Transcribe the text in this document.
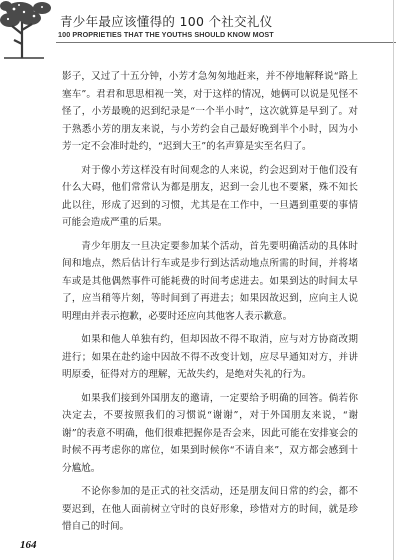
青少年最应该懂得的 100 个社交礼仪
100 PROPRIETIES THAT THE YOUTHS SHOULD KNOW MOST

影子，又过了十五分钟，小芳才急匆匆地赶来，并不停地解释说“路上塞车”。君君和思思相视一笑，对于这样的情况，她俩可以说是见怪不怪了，小芳最晚的迟到纪录是“一个半小时”，这次就算是早到了。对于熟悉小芳的朋友来说，与小芳约会自己最好晚到半个小时，因为小芳一定不会准时赴约，“迟到大王”的名声算是实至名归了。

对于像小芳这样没有时间观念的人来说，约会迟到对于他们没有什么大碍，他们常常认为都是朋友，迟到一会儿也不要紧，殊不知长此以往，形成了迟到的习惯，尤其是在工作中，一旦遇到重要的事情可能会造成严重的后果。

青少年朋友一旦决定要参加某个活动，首先要明确活动的具体时间和地点，然后估计行车或是步行到达活动地点所需的时间，并将堵车或是其他偶然事件可能耗费的时间考虑进去。如果到达的时间太早了，应当稍等片刻，等时间到了再进去；如果因故迟到，应向主人说明理由并表示抱歉，必要时还应向其他客人表示歉意。

如果和他人单独有约，但却因故不得不取消，应与对方协商改期进行；如果在赴约途中因故不得不改变计划，应尽早通知对方，并讲明原委，征得对方的理解，无故失约，是绝对失礼的行为。

如果我们接到外国朋友的邀请，一定要给予明确的回答。倘若你决定去，不要按照我们的习惯说“谢谢”，对于外国朋友来说，“谢谢”的表意不明确，他们很难把握你是否会来，因此可能在安排宴会的时候不再考虑你的席位，如果到时候你“不请自来”，双方都会感到十分尴尬。

不论你参加的是正式的社交活动，还是朋友间日常的约会，都不要迟到，在他人面前树立守时的良好形象，珍惜对方的时间，就是珍惜自己的时间。

164
